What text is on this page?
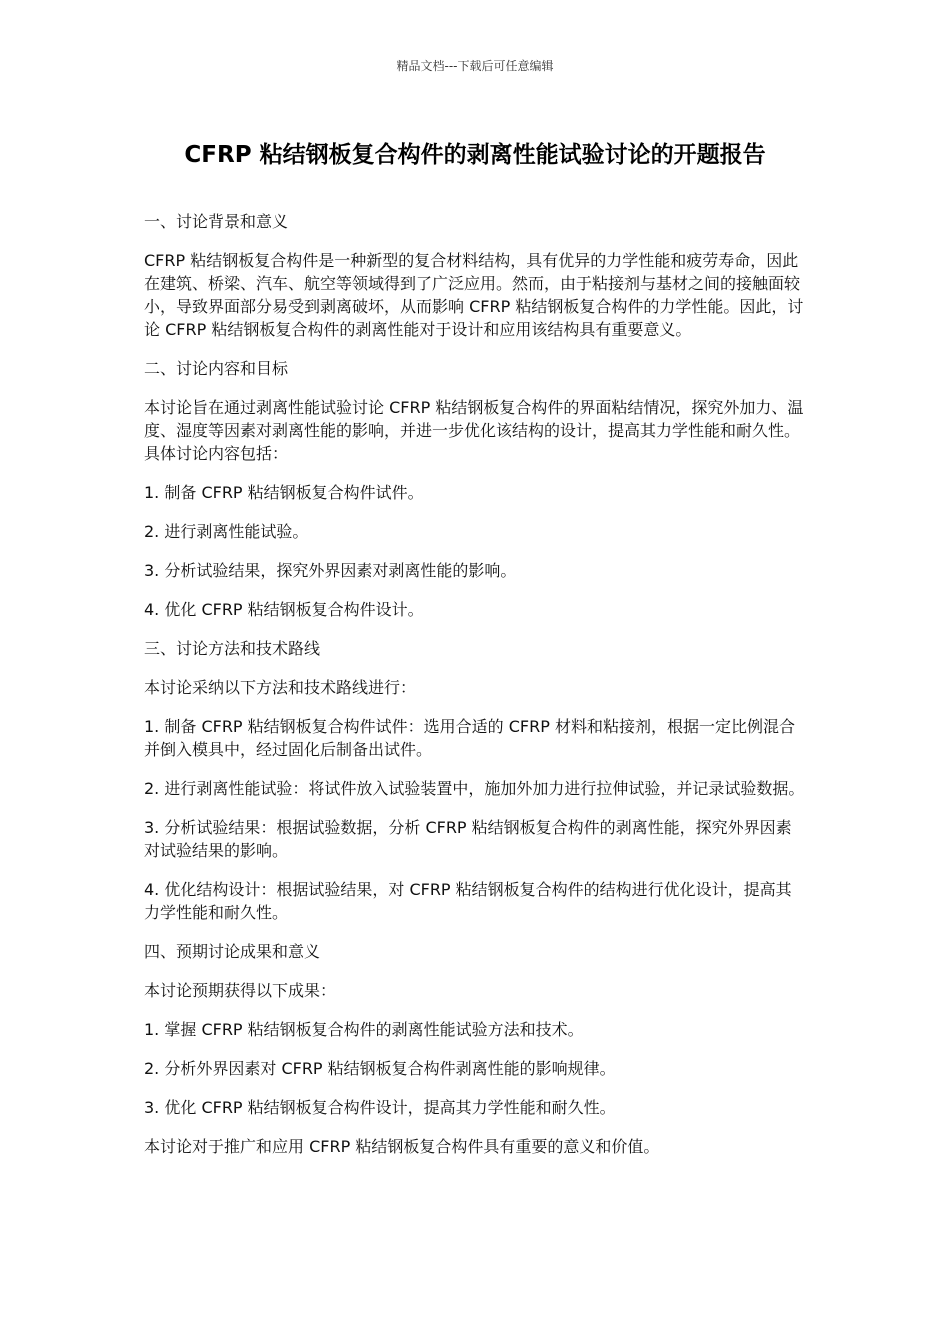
精品文档---下载后可任意编辑
CFRP 粘结钢板复合构件的剥离性能试验讨论的开题报告

一、讨论背景和意义

CFRP 粘结钢板复合构件是一种新型的复合材料结构，具有优异的力学性能和疲劳寿命，因此在建筑、桥梁、汽车、航空等领域得到了广泛应用。然而，由于粘接剂与基材之间的接触面较小，导致界面部分易受到剥离破坏，从而影响 CFRP 粘结钢板复合构件的力学性能。因此，讨论 CFRP 粘结钢板复合构件的剥离性能对于设计和应用该结构具有重要意义。

二、讨论内容和目标

本讨论旨在通过剥离性能试验讨论 CFRP 粘结钢板复合构件的界面粘结情况，探究外加力、温度、湿度等因素对剥离性能的影响，并进一步优化该结构的设计，提高其力学性能和耐久性。具体讨论内容包括：

1. 制备 CFRP 粘结钢板复合构件试件。

2. 进行剥离性能试验。

3. 分析试验结果，探究外界因素对剥离性能的影响。

4. 优化 CFRP 粘结钢板复合构件设计。

三、讨论方法和技术路线

本讨论采纳以下方法和技术路线进行：

1. 制备 CFRP 粘结钢板复合构件试件：选用合适的 CFRP 材料和粘接剂，根据一定比例混合并倒入模具中，经过固化后制备出试件。

2. 进行剥离性能试验：将试件放入试验装置中，施加外加力进行拉伸试验，并记录试验数据。

3. 分析试验结果：根据试验数据，分析 CFRP 粘结钢板复合构件的剥离性能，探究外界因素对试验结果的影响。

4. 优化结构设计：根据试验结果，对 CFRP 粘结钢板复合构件的结构进行优化设计，提高其力学性能和耐久性。

四、预期讨论成果和意义

本讨论预期获得以下成果：

1. 掌握 CFRP 粘结钢板复合构件的剥离性能试验方法和技术。

2. 分析外界因素对 CFRP 粘结钢板复合构件剥离性能的影响规律。

3. 优化 CFRP 粘结钢板复合构件设计，提高其力学性能和耐久性。

本讨论对于推广和应用 CFRP 粘结钢板复合构件具有重要的意义和价值。
